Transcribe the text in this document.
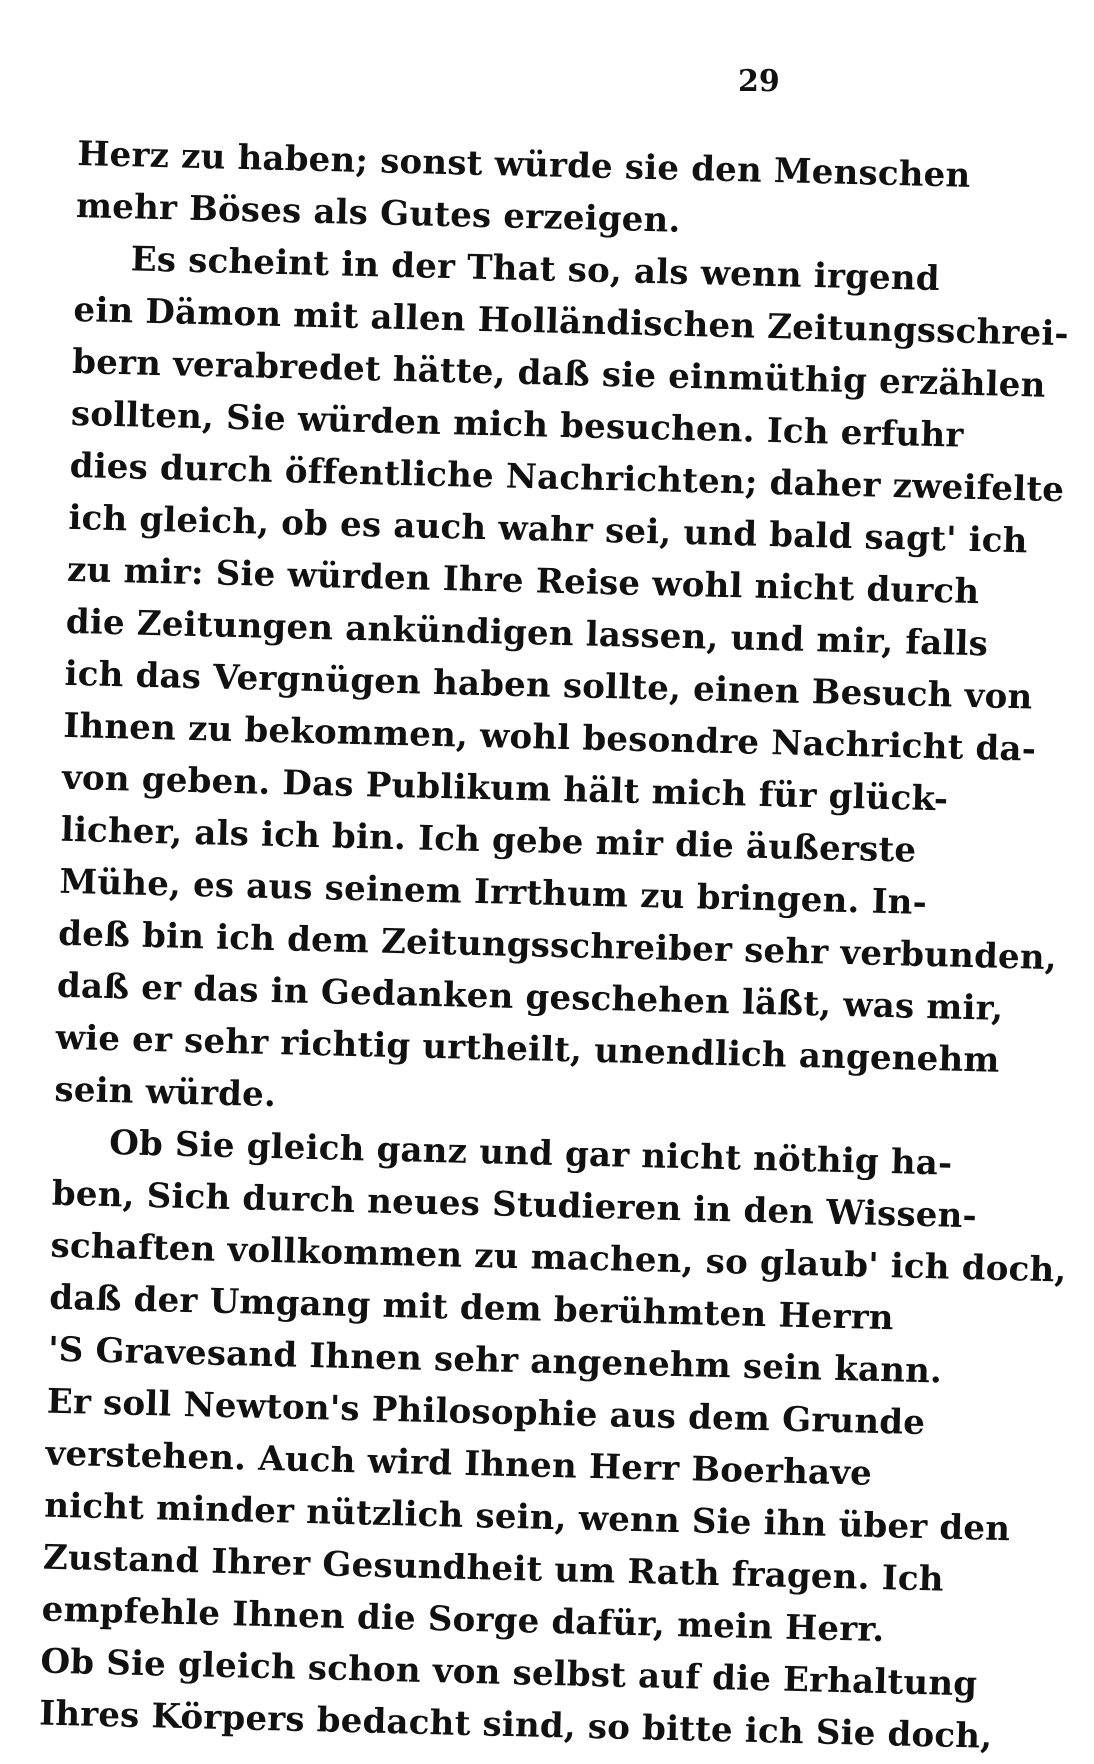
29
Herz zu haben; sonst würde sie den Menschen
mehr Böses als Gutes erzeigen.
Es scheint in der That so, als wenn irgend
ein Dämon mit allen Holländischen Zeitungsschrei-
bern verabredet hätte, daß sie einmüthig erzählen
sollten, Sie würden mich besuchen. Ich erfuhr
dies durch öffentliche Nachrichten; daher zweifelte
ich gleich, ob es auch wahr sei, und bald sagt' ich
zu mir: Sie würden Ihre Reise wohl nicht durch
die Zeitungen ankündigen lassen, und mir, falls
ich das Vergnügen haben sollte, einen Besuch von
Ihnen zu bekommen, wohl besondre Nachricht da-
von geben. Das Publikum hält mich für glück-
licher, als ich bin. Ich gebe mir die äußerste
Mühe, es aus seinem Irrthum zu bringen. In-
deß bin ich dem Zeitungsschreiber sehr verbunden,
daß er das in Gedanken geschehen läßt, was mir,
wie er sehr richtig urtheilt, unendlich angenehm
sein würde.
Ob Sie gleich ganz und gar nicht nöthig ha-
ben, Sich durch neues Studieren in den Wissen-
schaften vollkommen zu machen, so glaub' ich doch,
daß der Umgang mit dem berühmten Herrn
'S Gravesand Ihnen sehr angenehm sein kann.
Er soll Newton's Philosophie aus dem Grunde
verstehen. Auch wird Ihnen Herr Boerhave
nicht minder nützlich sein, wenn Sie ihn über den
Zustand Ihrer Gesundheit um Rath fragen. Ich
empfehle Ihnen die Sorge dafür, mein Herr.
Ob Sie gleich schon von selbst auf die Erhaltung
Ihres Körpers bedacht sind, so bitte ich Sie doch,
